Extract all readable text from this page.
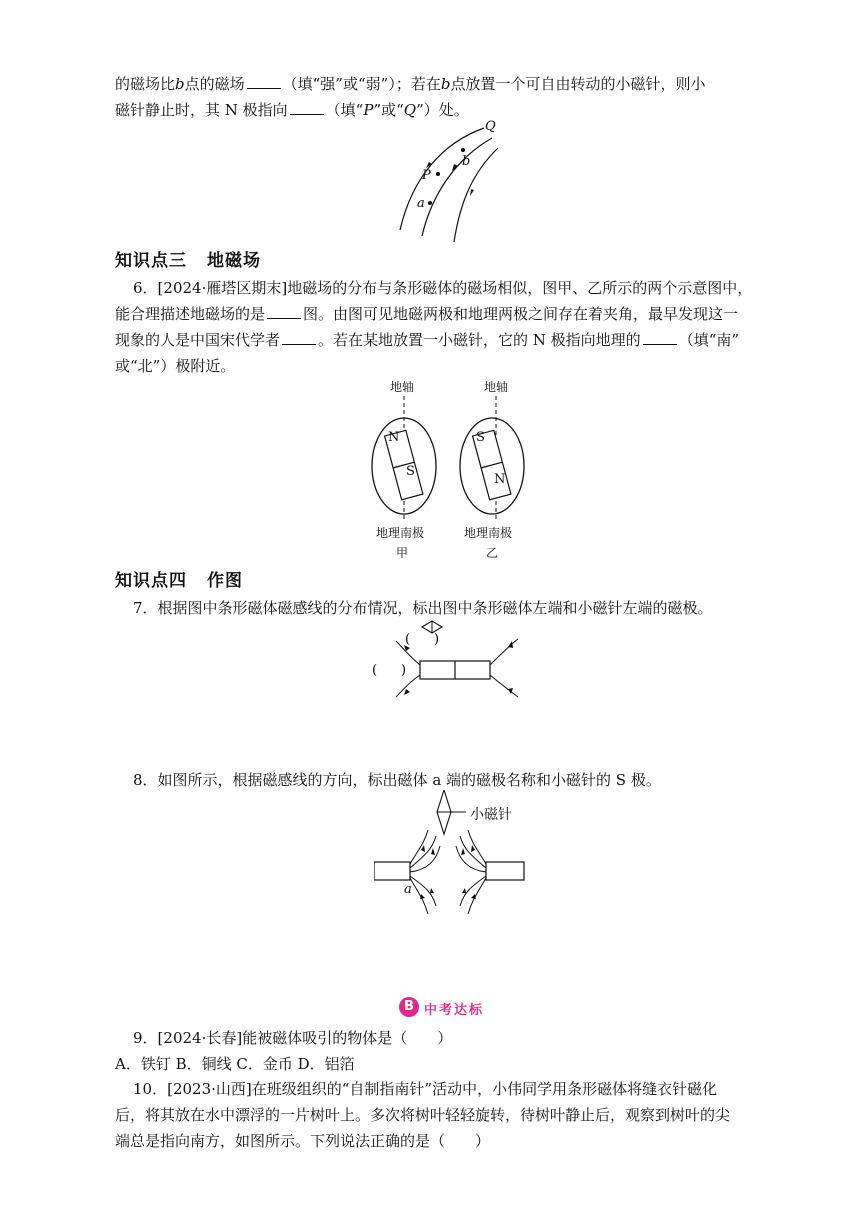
的磁场比b点的磁场	（填“强”或“弱”）；若在b点放置一个可自由转动的小磁针，则小
磁针静止时，其 N 极指向	（填“P”或“Q”）处。
Q
b
P
a
知识点三 地磁场
6．[2024·雁塔区期末]地磁场的分布与条形磁体的磁场相似，图甲、乙所示的两个示意图中，
能合理描述地磁场的是	图。由图可见地磁两极和地理两极之间存在着夹角，最早发现这一
现象的人是中国宋代学者	。若在某地放置一小磁针，它的 N 极指向地理的	（填“南”
或“北”）极附近。
地轴
N
S
地理南极
甲
地轴
S
N
地理南极
乙
知识点四 作图
7．根据图中条形磁体磁感线的分布情况，标出图中条形磁体左端和小磁针左端的磁极。
( )
( )
8．如图所示，根据磁感线的方向，标出磁体 a 端的磁极名称和小磁针的 S 极。
小磁针
a
B 中考达标
9．[2024·长春]能被磁体吸引的物体是（　　）
A．铁钉 B．铜线 C．金币 D．铝箔
10．[2023·山西]在班级组织的“自制指南针”活动中，小伟同学用条形磁体将缝衣针磁化
后，将其放在水中漂浮的一片树叶上。多次将树叶轻轻旋转，待树叶静止后，观察到树叶的尖
端总是指向南方，如图所示。下列说法正确的是（　　）
